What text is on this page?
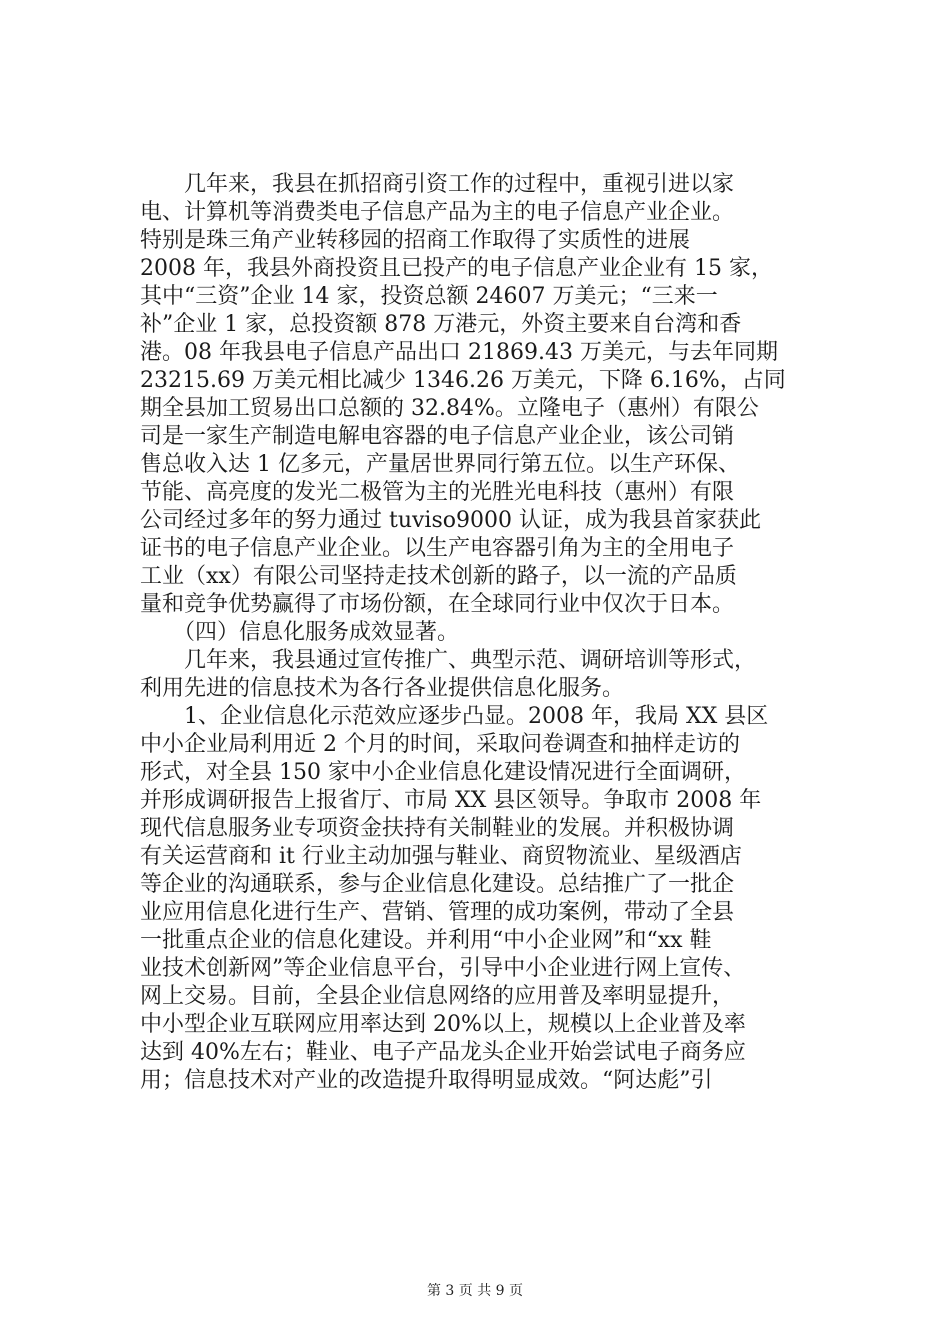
　　几年来，我县在抓招商引资工作的过程中，重视引进以家
电、计算机等消费类电子信息产品为主的电子信息产业企业。
特别是珠三角产业转移园的招商工作取得了实质性的进展
2008 年，我县外商投资且已投产的电子信息产业企业有 15 家，
其中“三资”企业 14 家，投资总额 24607 万美元；“三来一
补”企业 1 家，总投资额 878 万港元，外资主要来自台湾和香
港。08 年我县电子信息产品出口 21869.43 万美元，与去年同期
23215.69 万美元相比减少 1346.26 万美元，下降 6.16%，占同
期全县加工贸易出口总额的 32.84%。立隆电子（惠州）有限公
司是一家生产制造电解电容器的电子信息产业企业，该公司销
售总收入达 1 亿多元，产量居世界同行第五位。以生产环保、
节能、高亮度的发光二极管为主的光胜光电科技（惠州）有限
公司经过多年的努力通过 tuviso9000 认证，成为我县首家获此
证书的电子信息产业企业。以生产电容器引角为主的全用电子
工业（xx）有限公司坚持走技术创新的路子，以一流的产品质
量和竞争优势赢得了市场份额，在全球同行业中仅次于日本。
　　（四）信息化服务成效显著。
　　几年来，我县通过宣传推广、典型示范、调研培训等形式，
利用先进的信息技术为各行各业提供信息化服务。
　　1、企业信息化示范效应逐步凸显。2008 年，我局 XX 县区
中小企业局利用近 2 个月的时间，采取问卷调查和抽样走访的
形式，对全县 150 家中小企业信息化建设情况进行全面调研，
并形成调研报告上报省厅、市局 XX 县区领导。争取市 2008 年
现代信息服务业专项资金扶持有关制鞋业的发展。并积极协调
有关运营商和 it 行业主动加强与鞋业、商贸物流业、星级酒店
等企业的沟通联系，参与企业信息化建设。总结推广了一批企
业应用信息化进行生产、营销、管理的成功案例，带动了全县
一批重点企业的信息化建设。并利用“中小企业网”和“xx 鞋
业技术创新网”等企业信息平台，引导中小企业进行网上宣传、
网上交易。目前，全县企业信息网络的应用普及率明显提升，
中小型企业互联网应用率达到 20%以上，规模以上企业普及率
达到 40%左右；鞋业、电子产品龙头企业开始尝试电子商务应
用；信息技术对产业的改造提升取得明显成效。“阿达彪”引
第 3 页 共 9 页
